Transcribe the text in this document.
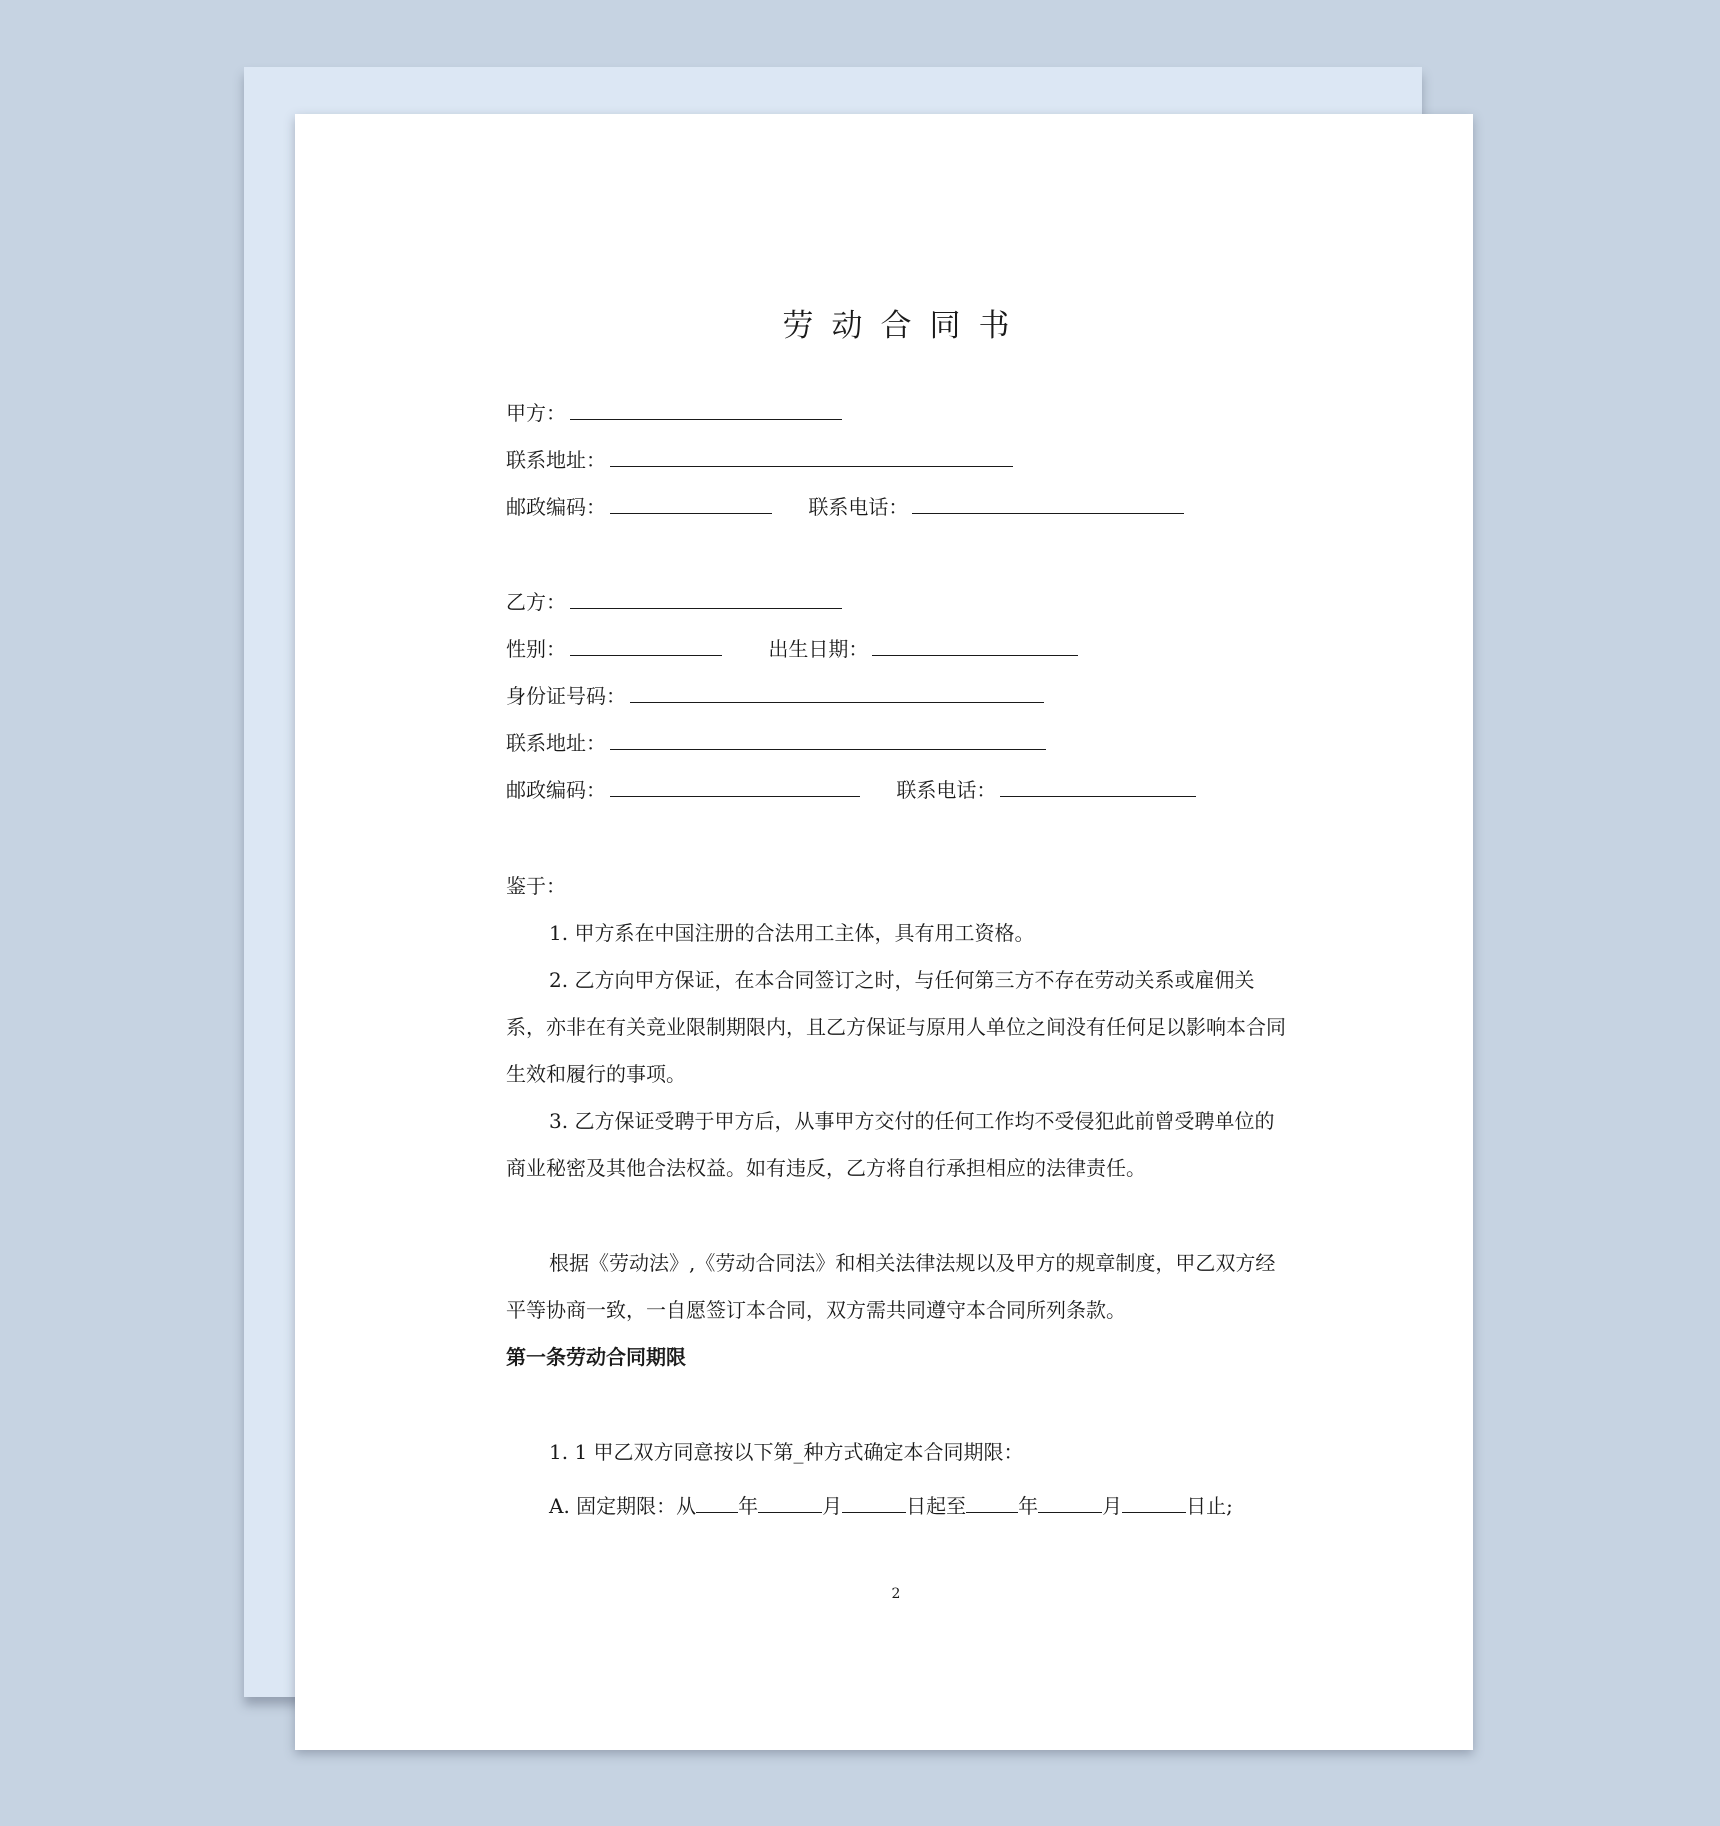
劳动合同书
甲方：
联系地址：
邮政编码：	联系电话：
乙方：
性别：	出生日期：
身份证号码：
联系地址：
邮政编码：	联系电话：
鉴于：
1. 甲方系在中国注册的合法用工主体，具有用工资格。
2. 乙方向甲方保证，在本合同签订之时，与任何第三方不存在劳动关系或雇佣关系，亦非在有关竞业限制期限内，且乙方保证与原用人单位之间没有任何足以影响本合同生效和履行的事项。
3. 乙方保证受聘于甲方后，从事甲方交付的任何工作均不受侵犯此前曾受聘单位的商业秘密及其他合法权益。如有违反，乙方将自行承担相应的法律责任。
根据《劳动法》,《劳动合同法》和相关法律法规以及甲方的规章制度，甲乙双方经平等协商一致，一自愿签订本合同，双方需共同遵守本合同所列条款。
第一条劳动合同期限
1. 1 甲乙双方同意按以下第_种方式确定本合同期限：
A. 固定期限：从 年	月	日起至	年	月	日止;
2
